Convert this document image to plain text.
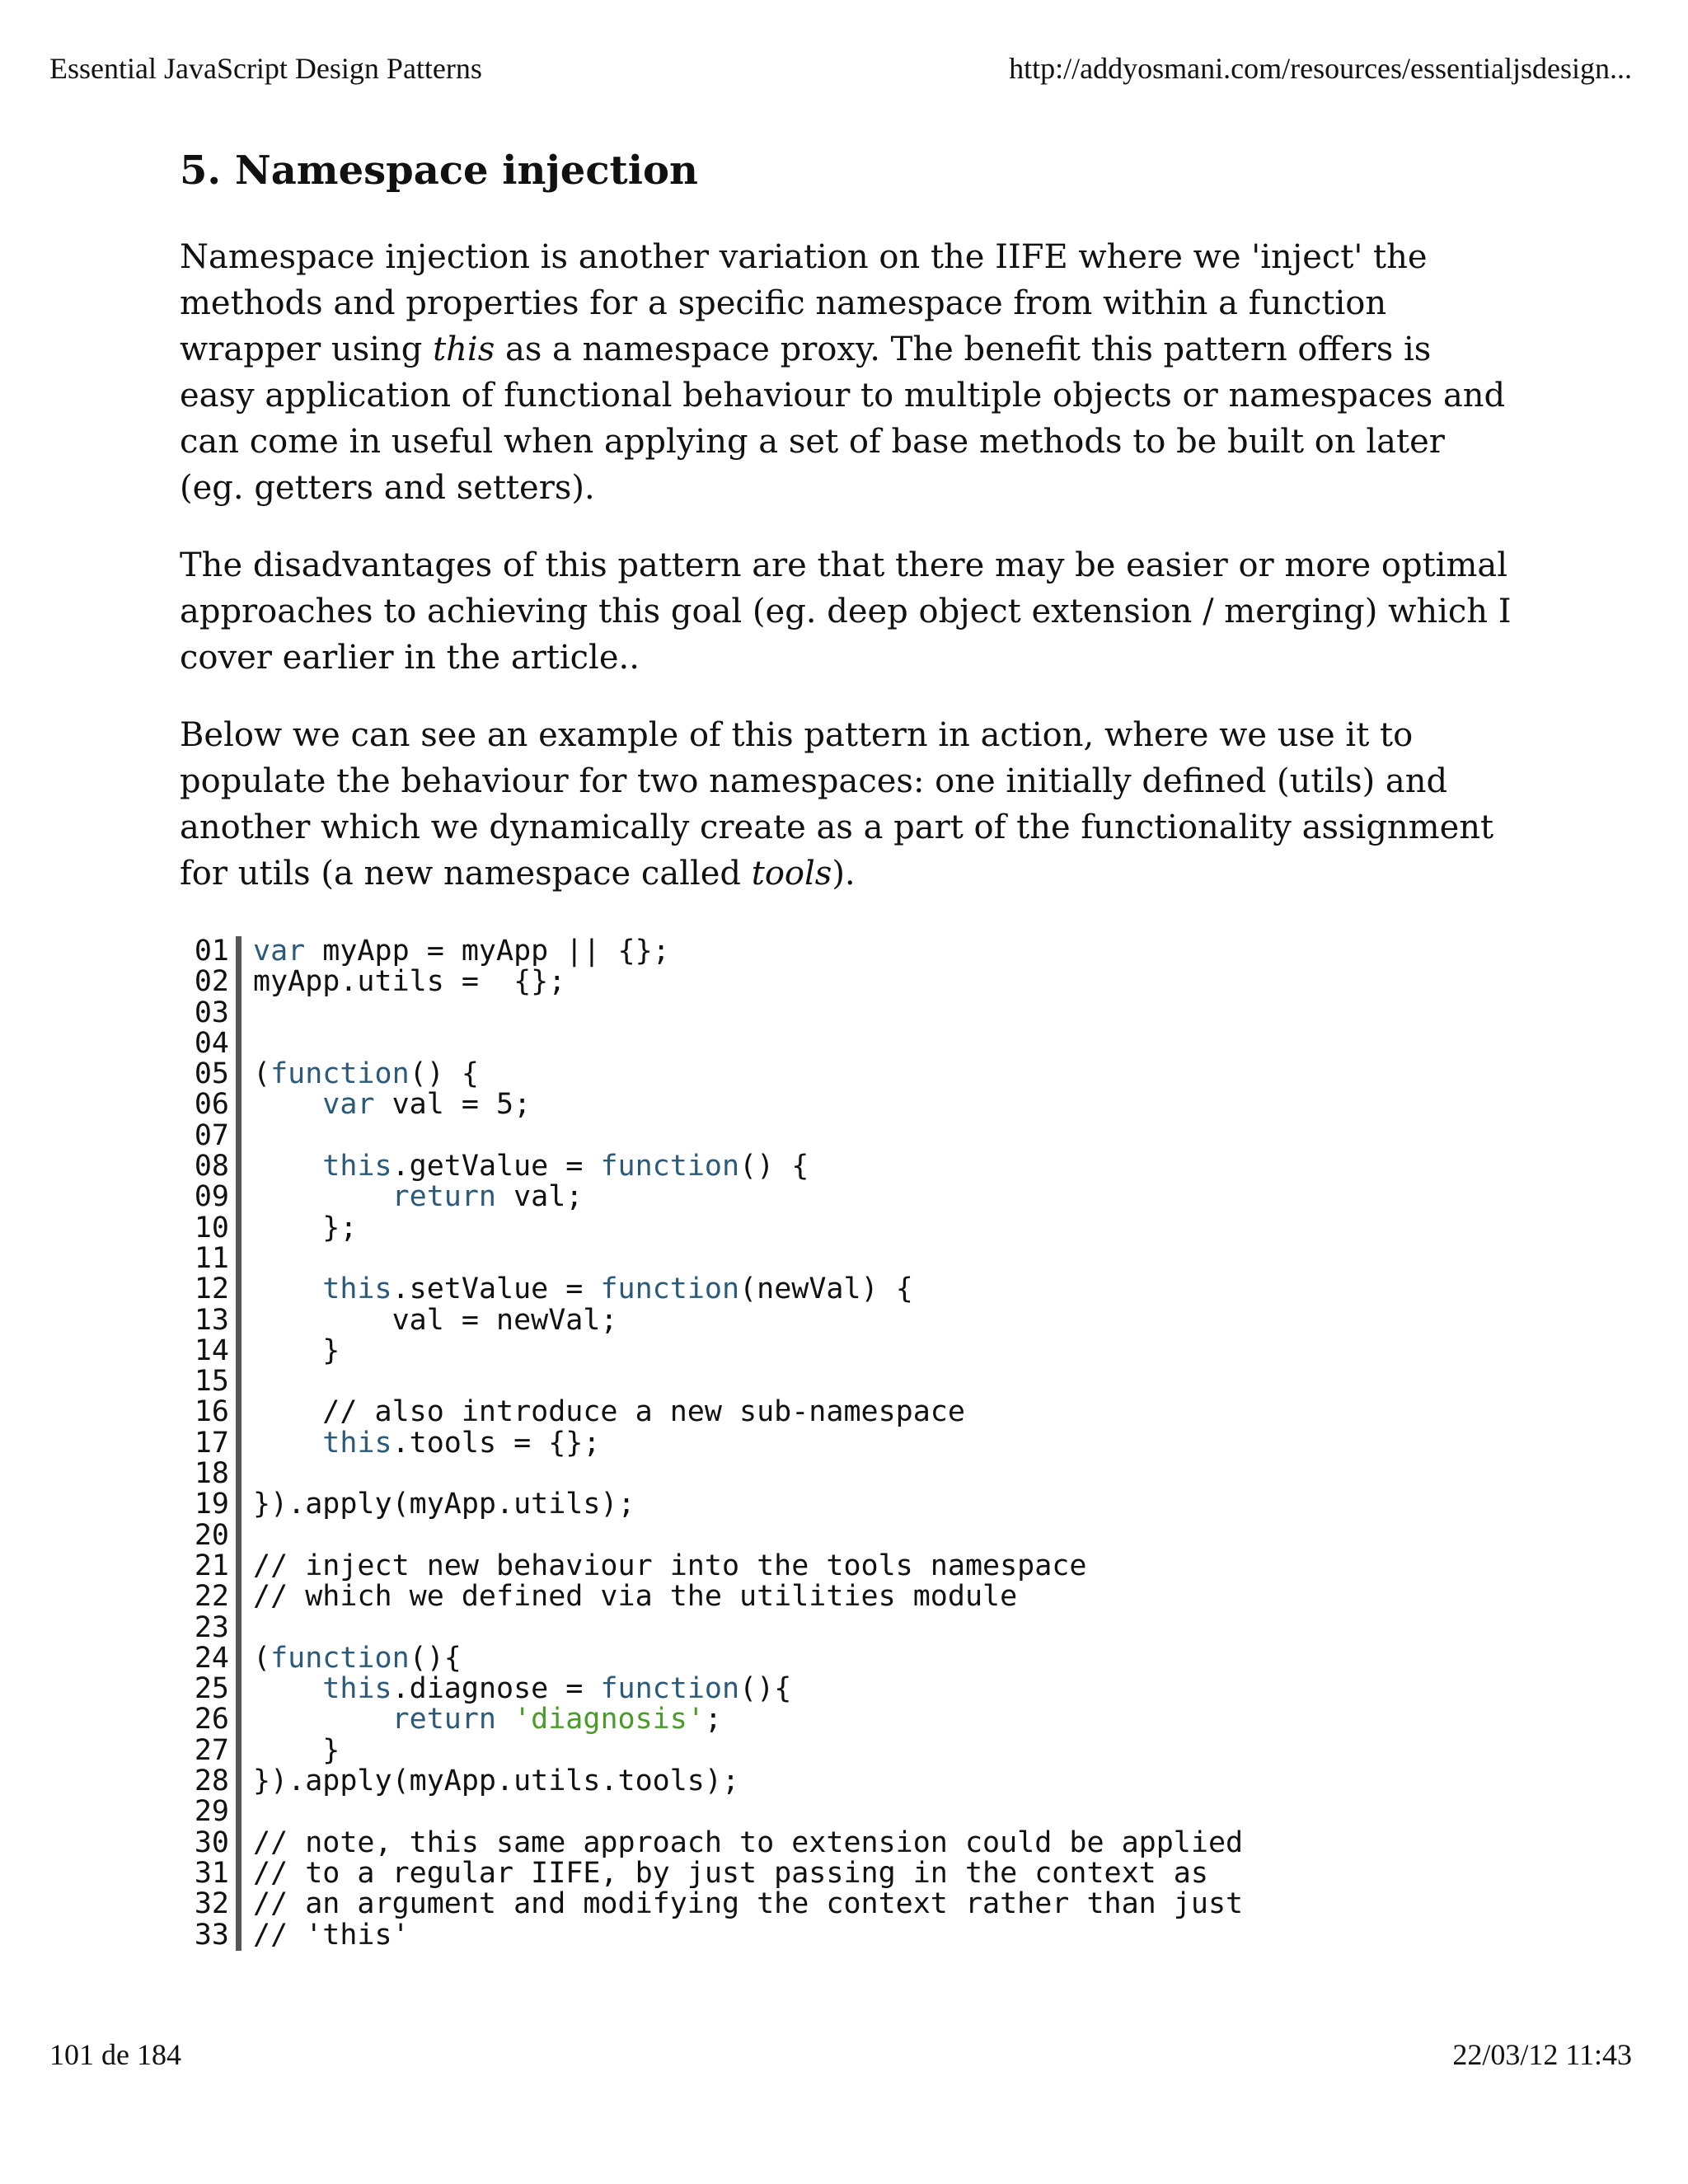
Essential JavaScript Design Patterns	http://addyosmani.com/resources/essentialjsdesign...
5. Namespace injection

Namespace injection is another variation on the IIFE where we 'inject' the methods and properties for a specific namespace from within a function wrapper using this as a namespace proxy. The benefit this pattern offers is easy application of functional behaviour to multiple objects or namespaces and can come in useful when applying a set of base methods to be built on later (eg. getters and setters).

The disadvantages of this pattern are that there may be easier or more optimal approaches to achieving this goal (eg. deep object extension / merging) which I cover earlier in the article..

Below we can see an example of this pattern in action, where we use it to populate the behaviour for two namespaces: one initially defined (utils) and another which we dynamically create as a part of the functionality assignment for utils (a new namespace called tools).

01 var myApp = myApp || {};
02 myApp.utils =  {};
03

04

05 (function() {
06	var val = 5;
07

08	this.getValue = function() {
09	return val;
10 };
11

12	this.setValue = function(newVal) {
13 val = newVal;
14 }
15

16 // also introduce a new sub-namespace
17	this.tools = {};
18

19 }).apply(myApp.utils);
20

21 // inject new behaviour into the tools namespace
22 // which we defined via the utilities module
23

24 (function(){
25	this.diagnose = function(){
26	return 'diagnosis';
27 }
28 }).apply(myApp.utils.tools);
29

30 // note, this same approach to extension could be applied
31 // to a regular IIFE, by just passing in the context as
32 // an argument and modifying the context rather than just
33 // 'this'
101 de 184	22/03/12 11:43
